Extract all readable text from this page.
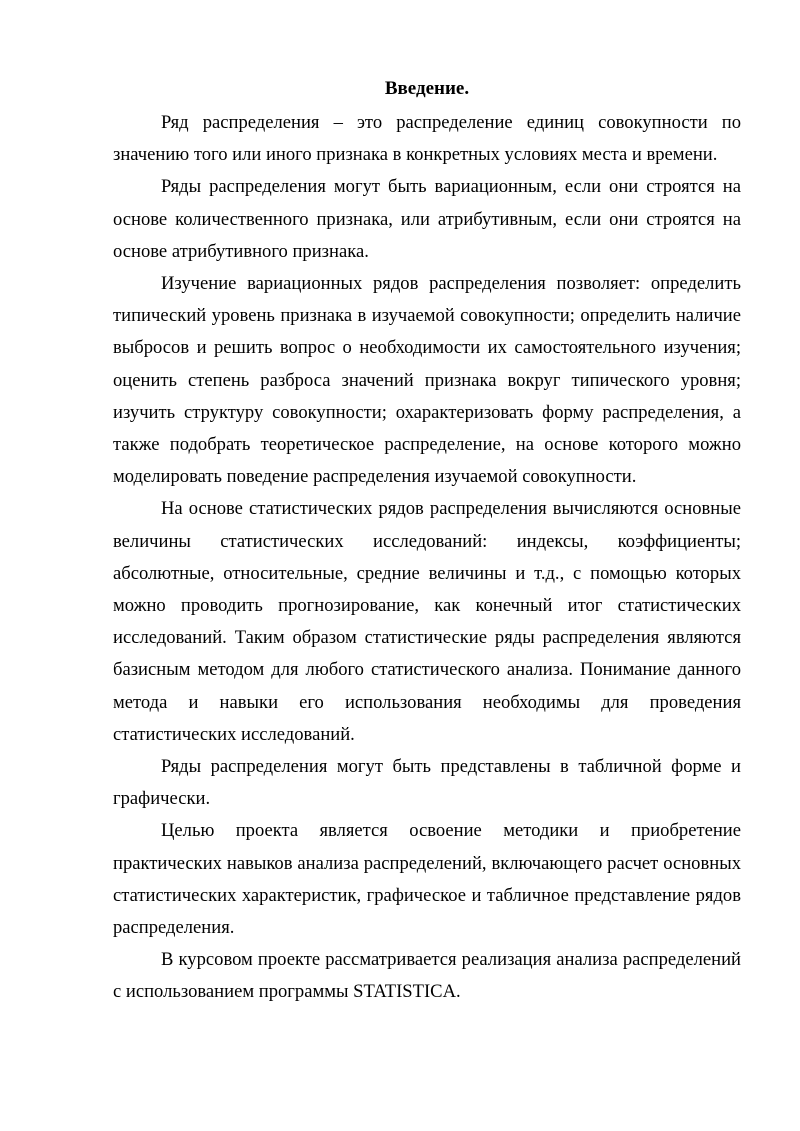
Введение.

Ряд распределения – это распределение единиц совокупности по значению того или иного признака в конкретных условиях места и времени.

Ряды распределения могут быть вариационным, если они строятся на основе количественного признака, или атрибутивным, если они строятся на основе атрибутивного признака.

Изучение вариационных рядов распределения позволяет: определить типический уровень признака в изучаемой совокупности; определить наличие выбросов и решить вопрос о необходимости их самостоятельного изучения; оценить степень разброса значений признака вокруг типического уровня; изучить структуру совокупности; охарактеризовать форму распределения, а также подобрать теоретическое распределение, на основе которого можно моделировать поведение распределения изучаемой совокупности.

На основе статистических рядов распределения вычисляются основные величины статистических исследований: индексы, коэффициенты; абсолютные, относительные, средние величины и т.д., с помощью которых можно проводить прогнозирование, как конечный итог статистических исследований. Таким образом статистические ряды распределения являются базисным методом для любого статистического анализа. Понимание данного метода и навыки его использования необходимы для проведения статистических исследований.

Ряды распределения могут быть представлены в табличной форме и графически.

Целью проекта является освоение методики и приобретение практических навыков анализа распределений, включающего расчет основных статистических характеристик, графическое и табличное представление рядов распределения.

В курсовом проекте рассматривается реализация анализа распределений с использованием программы STATISTICA.
